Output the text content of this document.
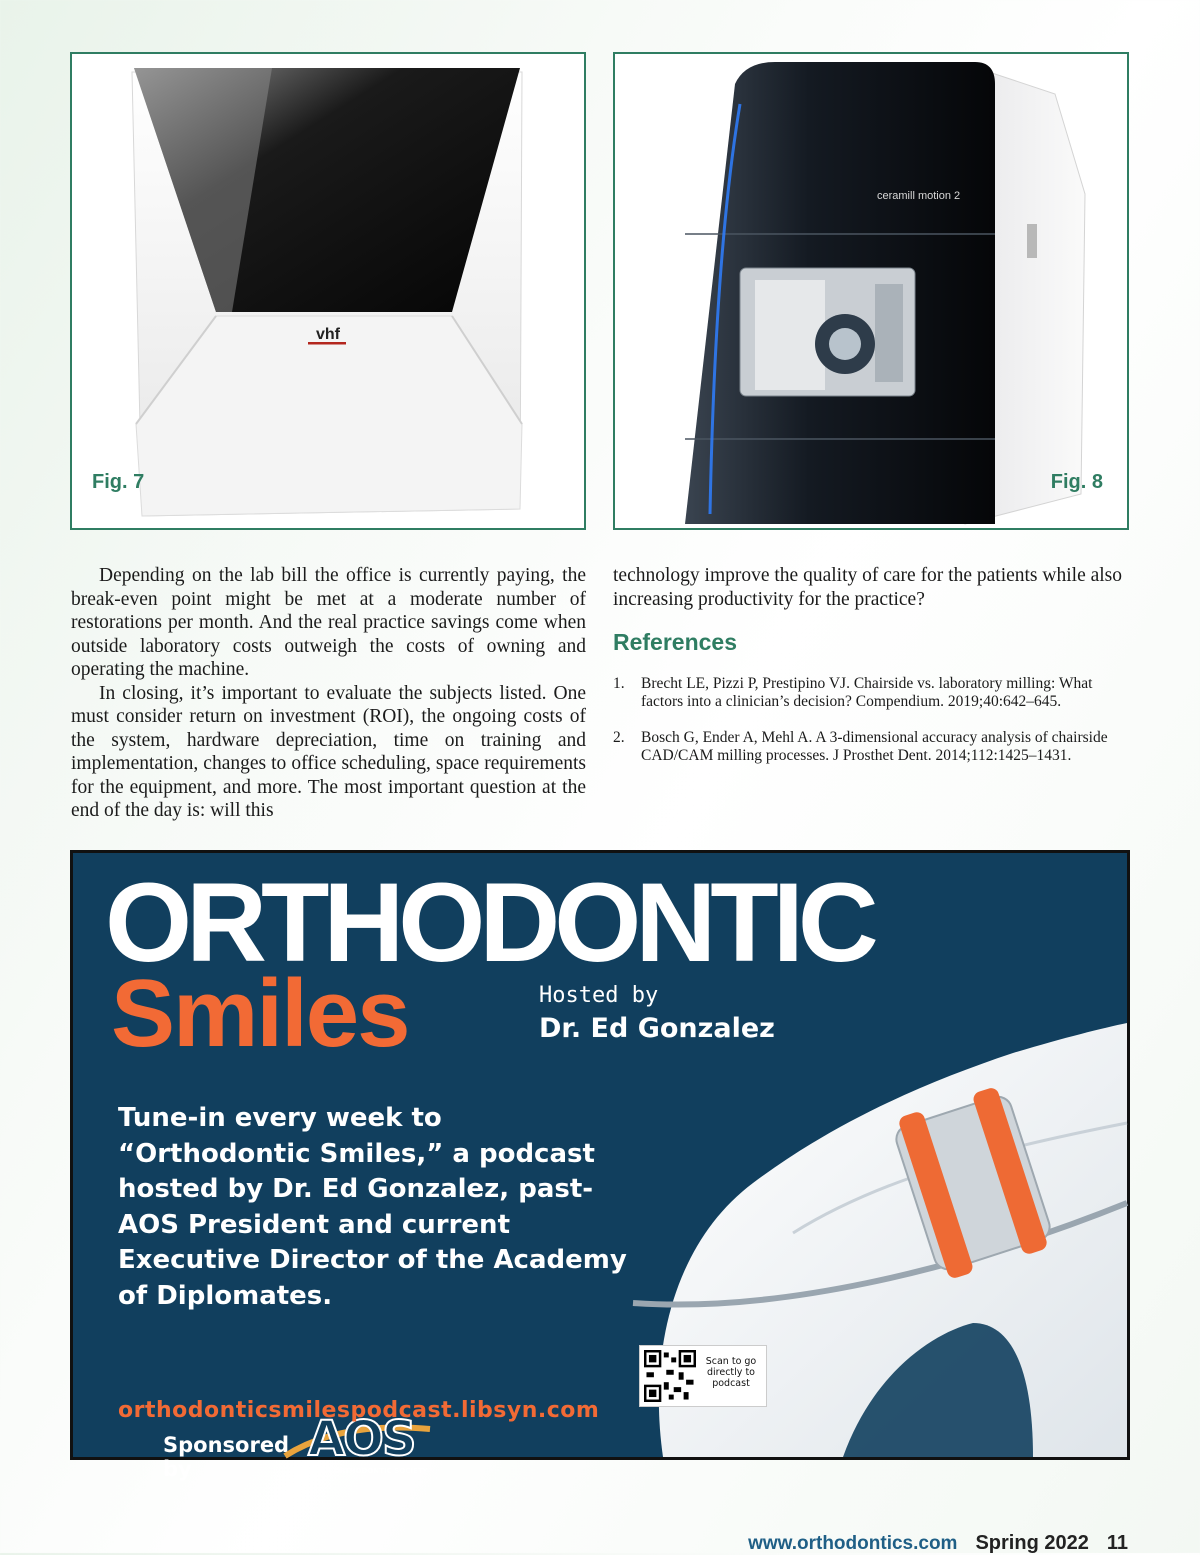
vhf
Fig. 7
ceramill motion 2
Fig. 8

Depending on the lab bill the office is currently paying, the break-even point might be met at a moderate number of restorations per month. And the real practice savings come when outside laboratory costs outweigh the costs of owning and operating the machine.

In closing, it’s important to evaluate the subjects listed. One must consider return on investment (ROI), the ongoing costs of the system, hardware depreciation, time on training and implementation, changes to office scheduling, space requirements for the equipment, and more. The most important question at the end of the day is: will this

technology improve the quality of care for the patients while also increasing productivity for the practice?

References
1.	Brecht LE, Pizzi P, Prestipino VJ. Chairside vs. laboratory milling: What factors into a clinician’s decision? Compendium. 2019;40:642–645.
2.	Bosch G, Ender A, Mehl A. A 3-dimensional accuracy analysis of chairside CAD/CAM milling processes. J Prosthet Dent. 2014;112:1425–1431.
ORTHODONTIC
Smiles	Hosted by
Dr. Ed Gonzalez

Tune-in every week to “Orthodontic Smiles,” a podcast hosted by Dr. Ed Gonzalez, past-AOS President and current Executive Director of the Academy of Diplomates.

Sponsored by
AOS
AMERICAN ORTHODONTIC SOCIETY
orthodonticsmilespodcast.libsyn.com
Scan to go directly to podcast
www.orthodontics.com Spring 2022 11
